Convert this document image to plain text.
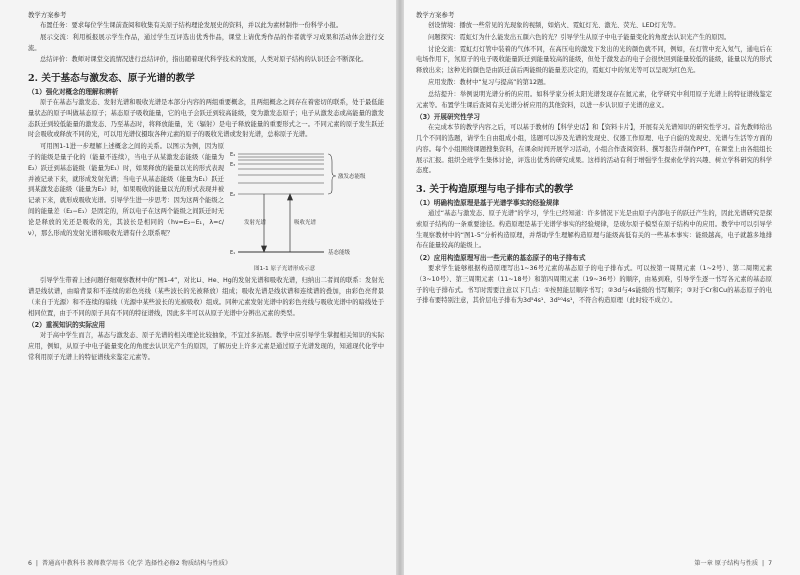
教学方案参考

布置任务：要求每位学生课前查阅和收集有关原子结构理论发展史的资料，并以此为素材制作一份科学小报。

展示交流：利用板报展示学生作品，通过学生互评选出优秀作品，课堂上请优秀作品的作者就学习成果和活动体会进行交流。

总结评价：教师对课堂交流情况进行总结评价，指出随着现代科学技术的发展，人类对原子结构的认识还会不断深化。

2. 关于基态与激发态、原子光谱的教学
（1）强化对概念的理解和辨析

原子在基态与激发态、发射光谱和吸收光谱是本部分内容的两组重要概念，且两组概念之间存在着密切的联系，处于最低能量状态的原子叫做基态原子；基态原子吸收能量，它的电子会跃迁到较高能级，变为激发态原子；电子从激发态或高能量的激发态跃迁到较低能量的激发态、乃至基态时，将释放能量，光（辐射）是电子释放能量的重要形式之一。不同元素的原子发生跃迁时会吸收或释放不同的光，可以用光谱仪摄取各种元素的原子的吸收光谱或发射光谱，总称原子光谱。

可用图1-1进一步理解上述概念之间的关系。以图示为例，因为原子的能级是量子化的（能量不连续），当电子从某激发态能级（能量为E₂）跃迁到基态能级（能量为E₁）时，如果释放的能量以光的形式表现并被记录下来，就形成发射光谱；当电子从基态能级（能量为E₁）跃迁到某激发态能级（能量为E₂）时，如果吸收的能量以光的形式表现并被记录下来，就形成吸收光谱。引导学生进一步思考：因为这两个能级之间的能量差（E₂−E₁）是固定的，所以电子在这两个能级之间跃迁时无论是释放的光还是吸收的光，其波长是相同的（hν=E₂−E₁，λ=c/ν），那么形成的发射光谱和吸收光谱有什么联系呢？

E₄
E₃
E₂
E₁
激发态能级
基态能级
发射光谱	吸收光谱
图1-1 原子光谱形成示意

引导学生带着上述问题仔细观察教材中的“图1-4”，对比Li、He、Hg的发射光谱和吸收光谱，归纳出二者间的联系：发射光谱是线状谱，由暗背景和不连续的彩色亮线（某些波长的光被释放）组成；吸收光谱是线状谱和连续谱的叠加，由彩色亮背景（来自于光源）和不连续的暗线（光源中某些波长的光被吸收）组成。同种元素发射光谱中的彩色亮线与吸收光谱中的暗线处于相同位置，由于不同的原子具有不同的特征谱线，因此多半可以从原子光谱中分辨出元素的类型。

（2）重视知识的实际应用

对于高中学生而言，基态与激发态、原子光谱的相关理论比较抽象，不宜过多拓展。教学中应引导学生掌握相关知识的实际应用，例如，从原子中电子能量变化的角度去认识光产生的原因，了解历史上许多元素是通过原子光谱发现的，知道现代化学中常利用原子光谱上的特征谱线来鉴定元素等。

6  |  普通高中教科书 教师教学用书《化学 选择性必修2 物质结构与性质》

教学方案参考

创设情境：播放一些常见的光现象的视频，如焰火、霓虹灯光、激光、荧光、LED灯光等。

问题探究：霓虹灯为什么能发出五颜六色的光？引导学生从原子中电子能量变化的角度去认识光产生的原因。

讨论交流：霓虹灯灯管中装着的气体不同，在高压电的激发下发出的光的颜色就不同，例如，在灯管中充入氖气，通电后在电场作用下，氖原子的电子吸收能量跃迁到能量较高的能级，但处于激发态的电子会很快回到能量较低的能级，能量以光的形式释放出来；这种光的颜色是由跃迁前后两能级的能量差决定的，霓虹灯中的氖光等可以呈现为红色光。

应用发散：教材中“复习与提高”的第12题。

总结提升：举例说明光谱分析的应用。如科学家分析太阳光谱发现存在氦元素，化学研究中利用原子光谱上的特征谱线鉴定元素等。布置学生课后查阅有关光谱分析应用的其他资料，以进一步认识原子光谱的意义。

（3）开展研究性学习

在完成本节的教学内容之后，可以基于教材的【科学史话】和【资料卡片】，开展有关光谱知识的研究性学习。首先教师给出几个不同的选题，请学生自由组成小组，选题可以涉及光谱的发现史、仪器工作原理、电子自旋的发现史、光谱与生活等方面的内容。每个小组围绕课题搜集资料，在课余时间开展学习活动，小组合作查阅资料、撰写报告并制作PPT，在课堂上由各组组长展示汇报。组织全班学生集体讨论，评选出优秀的研究成果。这样的活动有利于增强学生探索化学的兴趣、树立学科研究的科学态度。

3. 关于构造原理与电子排布式的教学
（1）明确构造原理是基于光谱学事实的经验规律

通过“基态与激发态、原子光谱”的学习，学生已经知道：许多情况下光是由原子内部电子的跃迁产生的，因此光谱研究是探索原子结构的一条重要途径。构造原理是基于光谱学事实的经验规律，是玻尔原子模型在原子结构中的应用。教学中可以引导学生观察教材中的“图1-5”分析构造原理，并帮助学生理解构造原理与能级高低有关的一些基本事实：能级越高，电子就越多地排布在能量较高的能级上。

（2）应用构造原理写出一些元素的基态原子的电子排布式

要求学生能够根据构造原理写出1~36号元素的基态原子的电子排布式。可以按第一周期元素（1~2号）、第二周期元素（3~10号）、第三周期元素（11~18号）和第四周期元素（19~36号）的顺序，由易到难，引导学生逐一书写各元素的基态原子的电子排布式。书写时需要注意以下几点：①按照能层顺序书写；②3d与4s能级的书写顺序；③对于Cr和Cu的基态原子的电子排布要特别注意，其价层电子排布为3d⁵4s¹、3d¹⁰4s¹，不符合构造原理（此时较不成立）。

第一章 原子结构与性质  |  7
